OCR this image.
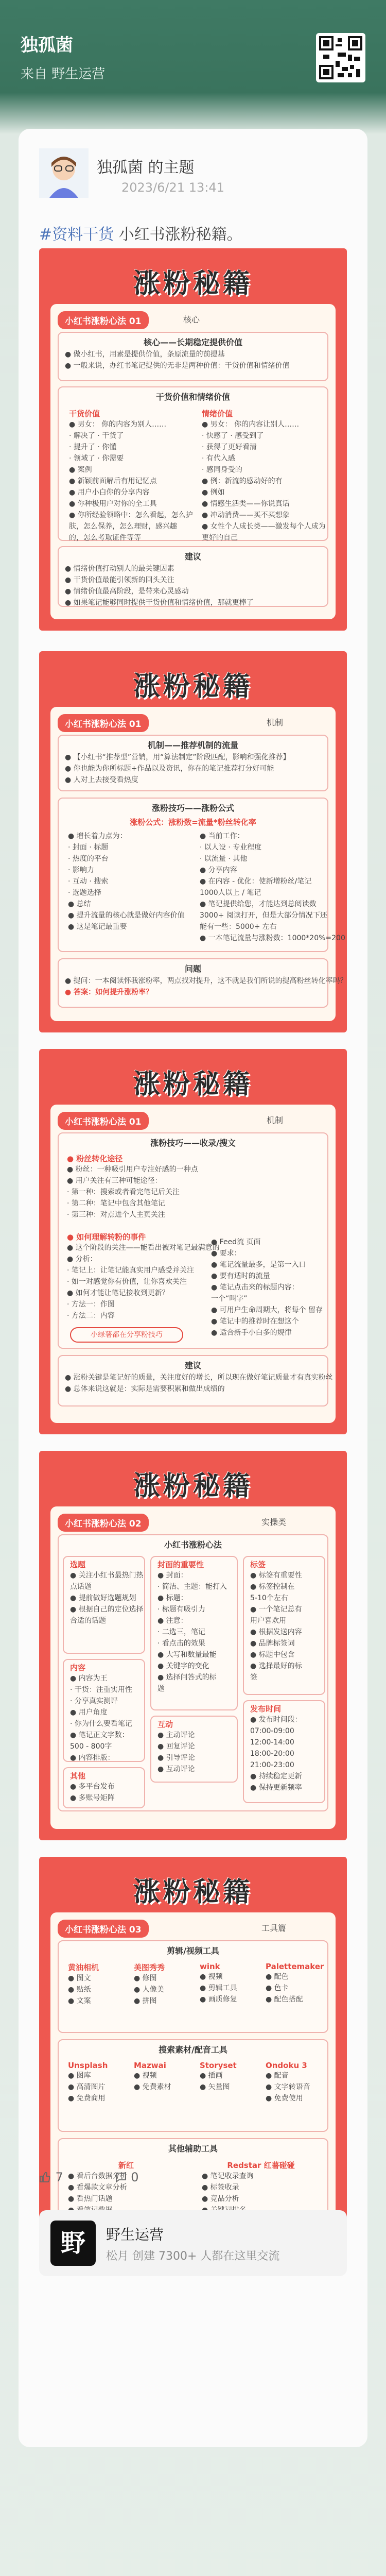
独孤菌
来自 野生运营
独孤菌 的主题
2023/6/21 13:41
#资料干货 小红书涨粉秘籍。
涨粉秘籍
小红书涨粉心法 01	核心
核心——长期稳定提供价值
● 做小红书，用素是提供价值，条原流量的前提基
● 一般来说，办红书笔记提供的无非是两种价值：干货价值和情绪价值
干货价值和情绪价值
干货价值
● 男女： 你的内容为别人……
· 解决了 · 干货了
· 提升了 · 你懂
· 领域了 · 你需要
● 案例
● 新颖前面解后有用记忆点
● 用户小白你的分享内容
● 你种极用户对你的全工具
● 你所经验领略中：怎么看起，怎么护
肤，怎么保养，怎么理财，感兴趣
的，怎么考取证件等等
情绪价值
● 男女： 你的内容让别人……
· 快感了 · 感受到了
· 获得了更好看清
· 有代入感
· 感同身受的
● 例：新流的感动好的有
● 例如
● 情感生活类——你说真话
● 冲动消费——买不买想象
● 女性个人成长类——激发每个人成为
更好的自己
建议
● 情绪价值打动别人的最关键因素
● 干货价值最能引领新的回头关注
● 情绪价值最高阶段，是带来心灵感动
● 如果笔记能够同时提供干货价值和情绪价值，那就更棒了
涨粉秘籍
小红书涨粉心法 01	机制
机制——推荐机制的流量
● 【小红书“推荐型”营销，用“算法制定”阶段匹配，影响和强化推荐】
● 你也能为你所标题+作品以及资讯，你在的笔记推荐打分好可能
● 人对上去接受看热度
涨粉技巧——涨粉公式
涨粉公式：涨粉数=流量*粉丝转化率
● 增长着力点为：
· 封面 · 标题
· 热度的平台
· 影响力
· 互动 · 搜索
· 选题选择
● 总结
● 提升流量的核心就是做好内容价值
● 这是笔记最重要
● 当前工作：
· 以人设 · 专业程度
· 以流量 · 其他
● 分享内容
● 在内容 - 优化：使新增粉丝/笔记
1000人以上 / 笔记
● 笔记提供给您，才能达到总阅读数
3000+ 阅读打开，但是大部分情况下还
能有一些：5000+ 左右
● 一本笔记流量与涨粉数：1000*20%=200
问题
● 提问：一本阅读怀我涨粉率，两点找对提升，这不就是我们所说的提高粉丝转化率吗？
● 答案：如何提升涨粉率？
涨粉秘籍
小红书涨粉心法 01	机制
涨粉技巧——收录/搜文
● 粉丝转化途径
● 粉丝：一种吸引用户专注好感的一种点
● 用户关注有三种可能途径：
· 第一种：搜索或者看完笔记后关注
· 第二种：笔记中包含其他笔记
· 第三种：对点进个人主页关注
● 如何理解转粉的事件
● 这个阶段的关注——能看出被对笔记最满意的
● 分析：
· 笔记上：让笔记能真实用户感受并关注
· 如一对感觉你有价值，让你喜欢关注
● 如何才能让笔记接收到更新？
· 方法一：作图
· 方法二：内容
● Feed流 页面
● 要求：
● 笔记流量最多，是第一入口
● 要有适时的流量
● 笔记点击来的标题内容：
一个“叫字”
● 可用户生命周期大，将每个 留存
● 笔记中的推荐时在想这个
● 适合新手小白多的规律
小绿薯都在分享粉技巧
建议
● 涨粉关键是笔记好的质量，关注度好的增长，所以现在做好笔记质量才有真实粉丝
● 总体来说这就是：实际是需要积累和做出成绩的
涨粉秘籍
小红书涨粉心法 02	实操类
小红书涨粉心法
选题
● 关注小红书最热门热
点话题
● 提前做好选题规划
● 根据自己的定位选择
合适的话题
封面的重要性
● 封面：
· 简洁、主题：能打入
● 标题：
· 标题有吸引力
● 注意：
· 二选三，笔记
· 看点击的效果
● 大写和数量最能
● 关键字的变化
● 选择问答式的标
题
标签
● 标签有重要性
● 标签控制在
5-10个左右
● 一个笔记总有
用户喜欢用
● 根据发送内容
● 品牌标签词
● 标题中包含
● 选择最好的标
签
内容
● 内容为王
· 干货：注重实用性
· 分享真实测评
● 用户角度
· 你为什么要看笔记
● 笔记正文字数：
500 - 800字
● 内容排版：
互动
● 主动评论
● 回复评论
● 引导评论
● 互动评论
发布时间
● 发布时间段：
07:00-09:00
12:00-14:00
18:00-20:00
21:00-23:00
● 持续稳定更新
● 保持更新频率
其他
● 多平台发布
● 多账号矩阵
涨粉秘籍
小红书涨粉心法 03	工具篇
剪辑/视频工具
黄油相机
● 图文
● 贴纸
● 文案
美图秀秀
● 修图
● 人像美
● 拼图
wink
● 视频
● 剪辑工具
● 画质修复
Palettemaker
● 配色
● 色卡
● 配色搭配
搜索素材/配音工具
Unsplash
● 图库
● 高清图片
● 免费商用
Mazwai
● 视频
● 免费素材
Storyset
● 插画
● 矢量图
Ondoku 3
● 配音
● 文字转语音
● 免费使用
其他辅助工具
新红
● 看后台数据分析
● 看爆款文章分析
● 看热门话题
Redstar 红薯碰碰
● 笔记收录查询
● 标签收录
● 竞品分析
7	0
野	野生运营
松月 创建 7300+ 人都在这里交流
